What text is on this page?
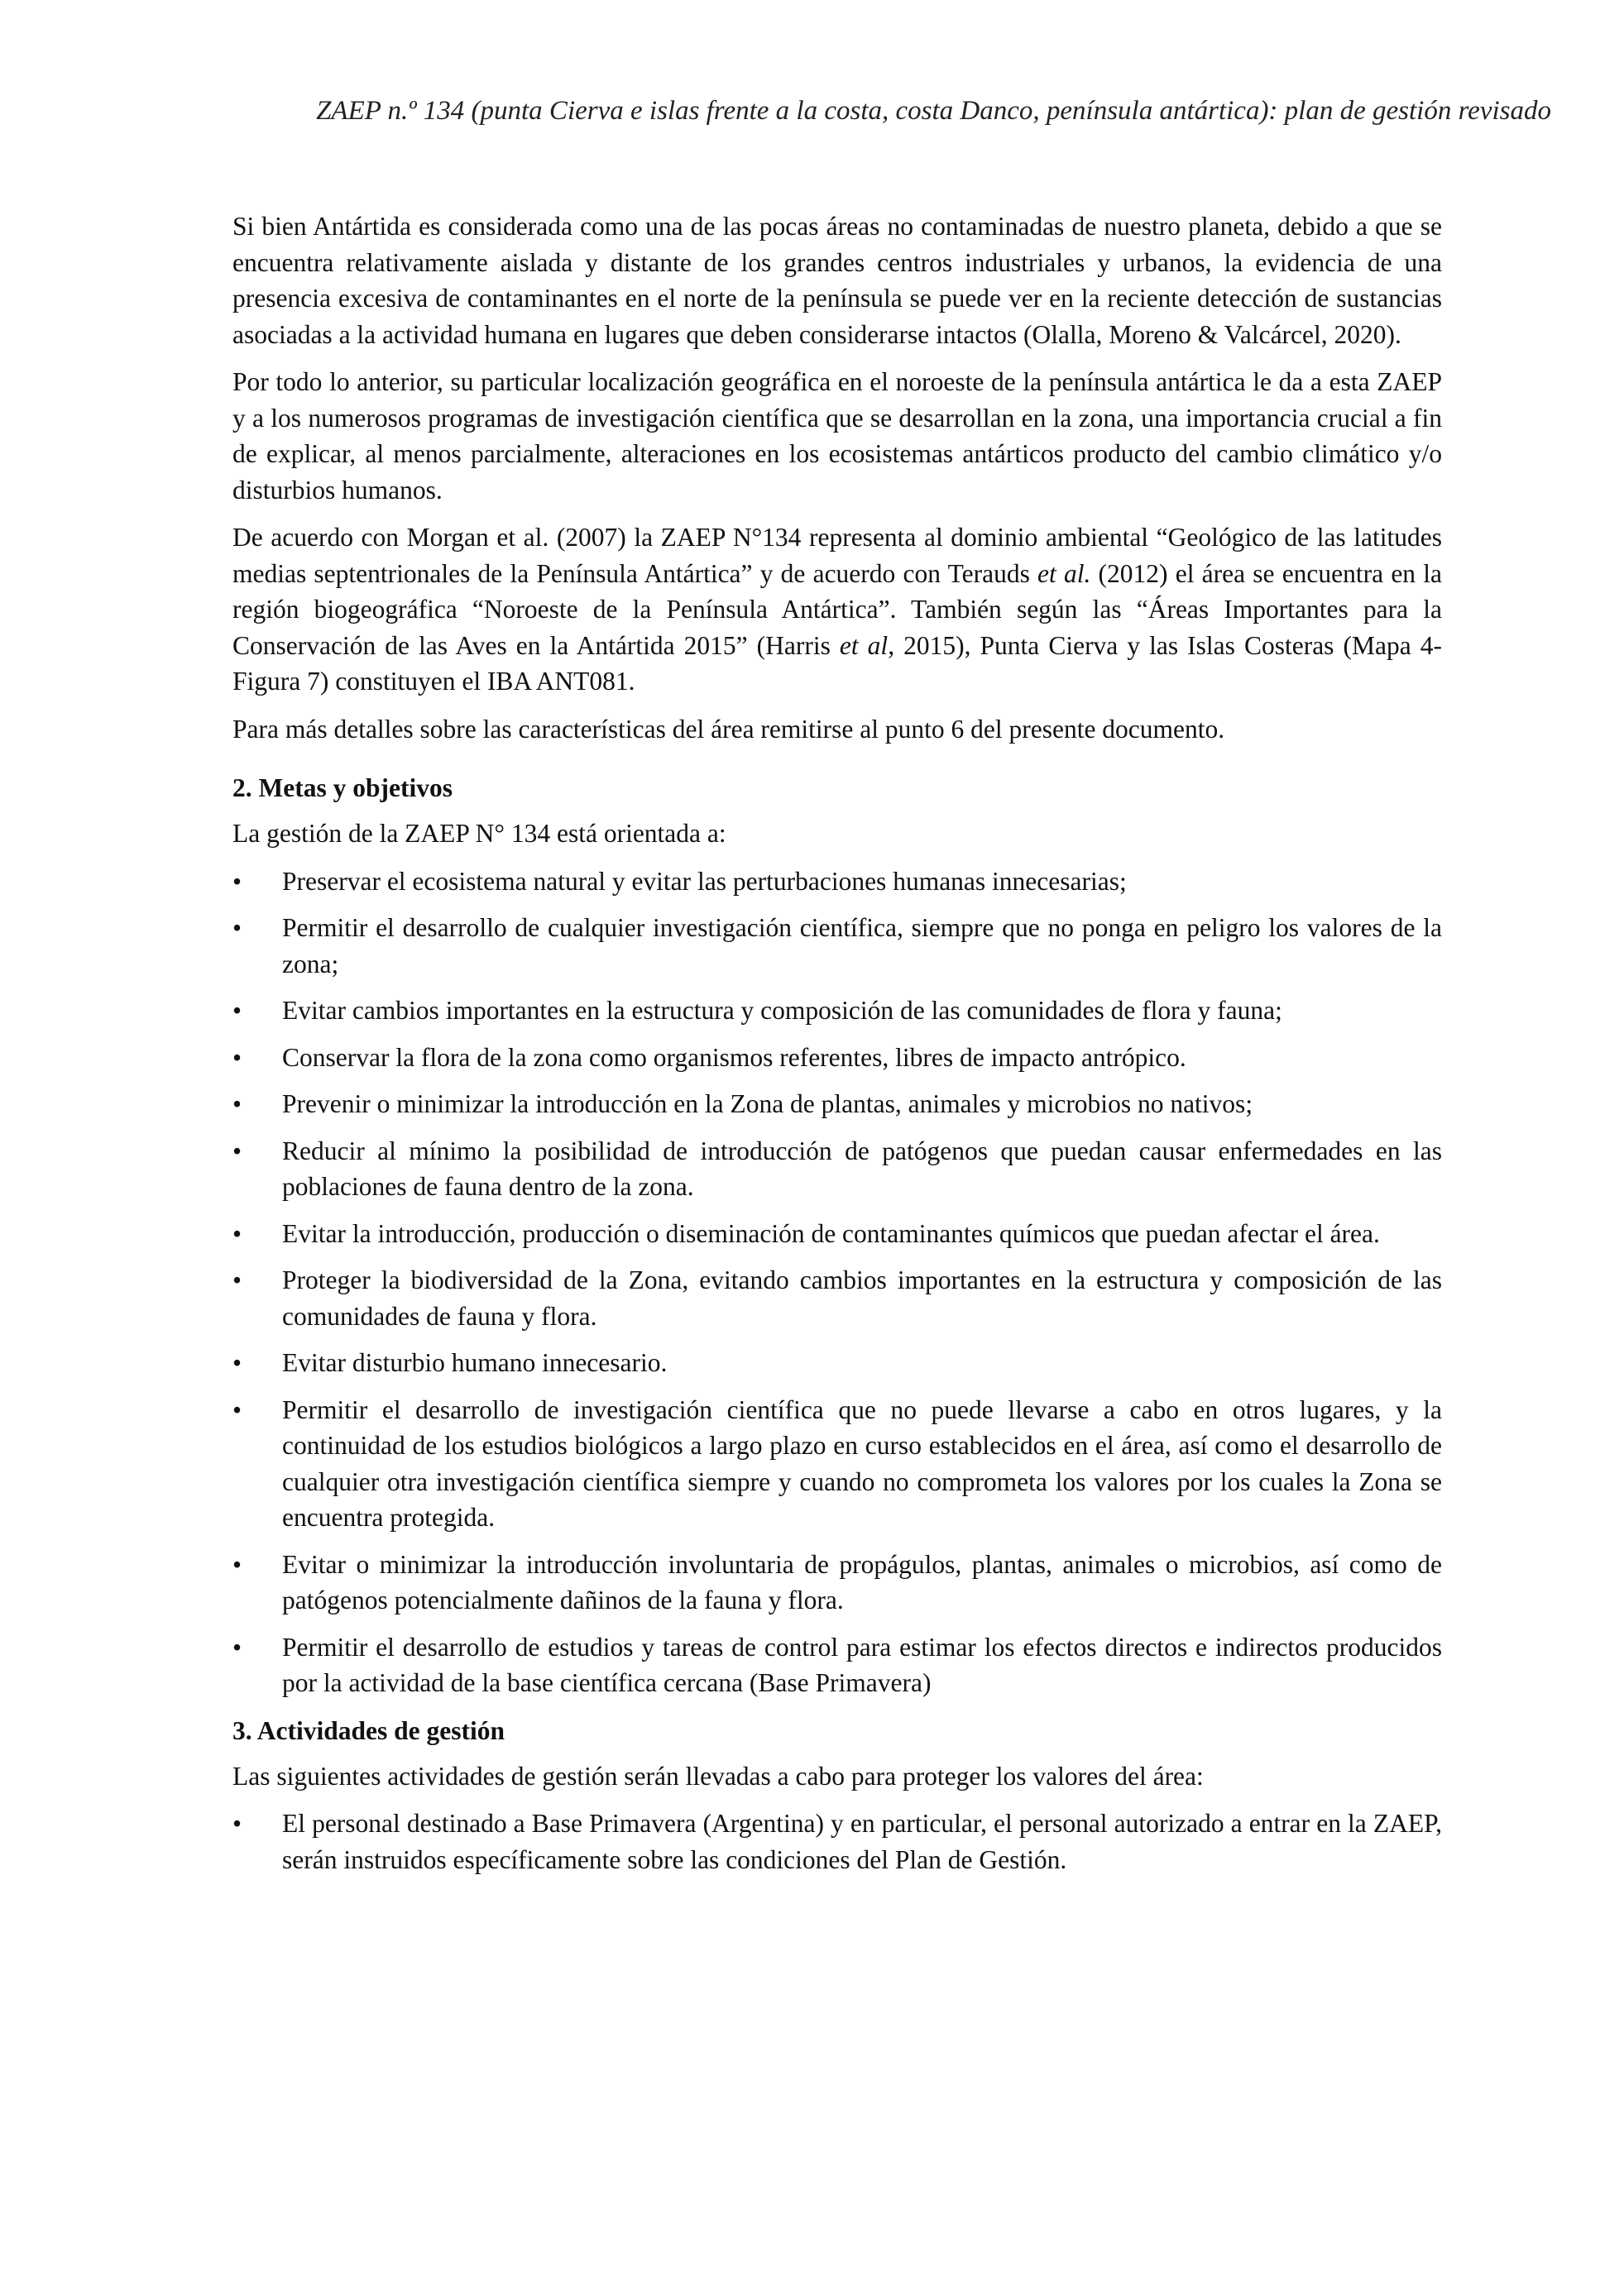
ZAEP n.º 134 (punta Cierva e islas frente a la costa, costa Danco, península antártica): plan de gestión revisado

Si bien Antártida es considerada como una de las pocas áreas no contaminadas de nuestro planeta, debido a que se encuentra relativamente aislada y distante de los grandes centros industriales y urbanos, la evidencia de una presencia excesiva de contaminantes en el norte de la península se puede ver en la reciente detección de sustancias asociadas a la actividad humana en lugares que deben considerarse intactos (Olalla, Moreno & Valcárcel, 2020).

Por todo lo anterior, su particular localización geográfica en el noroeste de la península antártica le da a esta ZAEP y a los numerosos programas de investigación científica que se desarrollan en la zona, una importancia crucial a fin de explicar, al menos parcialmente, alteraciones en los ecosistemas antárticos producto del cambio climático y/o disturbios humanos.

De acuerdo con Morgan et al. (2007) la ZAEP N°134 representa al dominio ambiental “Geológico de las latitudes medias septentrionales de la Península Antártica” y de acuerdo con Terauds et al. (2012) el área se encuentra en la región biogeográfica “Noroeste de la Península Antártica”. También según las “Áreas Importantes para la Conservación de las Aves en la Antártida 2015” (Harris et al, 2015), Punta Cierva y las Islas Costeras (Mapa 4-Figura 7) constituyen el IBA ANT081.

Para más detalles sobre las características del área remitirse al punto 6 del presente documento.

2. Metas y objetivos

La gestión de la ZAEP N° 134 está orientada a:

• Preservar el ecosistema natural y evitar las perturbaciones humanas innecesarias;
• Permitir el desarrollo de cualquier investigación científica, siempre que no ponga en peligro los valores de la zona;
• Evitar cambios importantes en la estructura y composición de las comunidades de flora y fauna;
• Conservar la flora de la zona como organismos referentes, libres de impacto antrópico.
• Prevenir o minimizar la introducción en la Zona de plantas, animales y microbios no nativos;
• Reducir al mínimo la posibilidad de introducción de patógenos que puedan causar enfermedades en las poblaciones de fauna dentro de la zona.
• Evitar la introducción, producción o diseminación de contaminantes químicos que puedan afectar el área.
• Proteger la biodiversidad de la Zona, evitando cambios importantes en la estructura y composición de las comunidades de fauna y flora.
• Evitar disturbio humano innecesario.
• Permitir el desarrollo de investigación científica que no puede llevarse a cabo en otros lugares, y la continuidad de los estudios biológicos a largo plazo en curso establecidos en el área, así como el desarrollo de cualquier otra investigación científica siempre y cuando no comprometa los valores por los cuales la Zona se encuentra protegida.
• Evitar o minimizar la introducción involuntaria de propágulos, plantas, animales o microbios, así como de patógenos potencialmente dañinos de la fauna y flora.
• Permitir el desarrollo de estudios y tareas de control para estimar los efectos directos e indirectos producidos por la actividad de la base científica cercana (Base Primavera)
3. Actividades de gestión

Las siguientes actividades de gestión serán llevadas a cabo para proteger los valores del área:

• El personal destinado a Base Primavera (Argentina) y en particular, el personal autorizado a entrar en la ZAEP, serán instruidos específicamente sobre las condiciones del Plan de Gestión.
